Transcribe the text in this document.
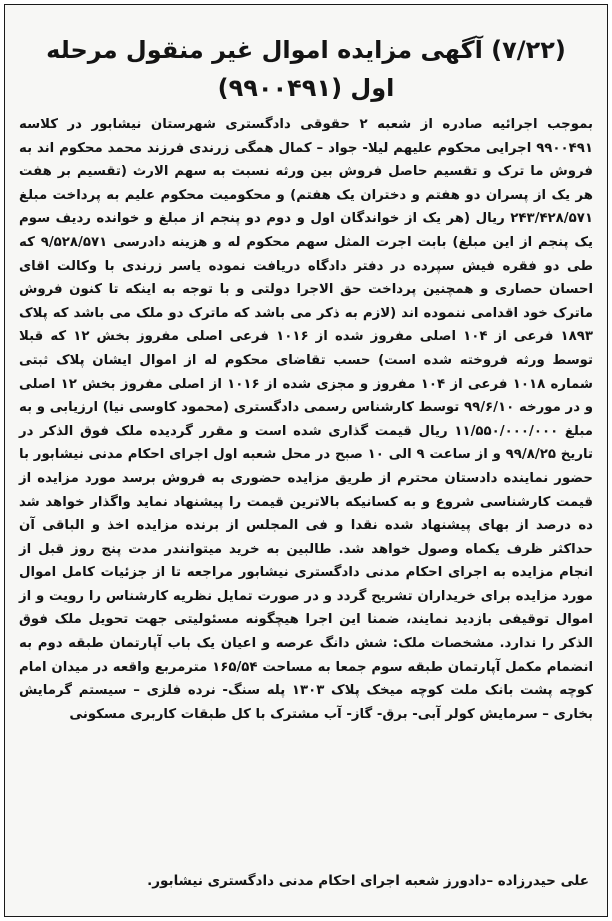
(۷/۲۲) آگهی مزایده اموال غیر منقول مرحله اول (۹۹۰۰۴۹۱)
بموجب اجرائیه صادره از شعبه ۲ حقوقی دادگستری شهرستان نیشابور در کلاسه ۹۹۰۰۴۹۱ اجرایی محکوم علیهم لیلا- جواد – کمال همگی زرندی فرزند محمد محکوم اند به فروش ما ترک و تقسیم حاصل فروش بین ورثه نسبت به سهم الارث (تقسیم بر هفت هر یک از پسران دو هفتم و دختران یک هفتم) و محکومیت محکوم علیم به پرداخت مبلغ ۲۴۳/۴۲۸/۵۷۱ ریال (هر یک از خواندگان اول و دوم دو پنجم از مبلغ و خوانده ردیف سوم یک پنجم از این مبلغ) بابت اجرت المثل سهم محکوم له و هزینه دادرسی ۹/۵۲۸/۵۷۱ که طی دو فقره فیش سپرده در دفتر دادگاه دریافت نموده یاسر زرندی با وکالت اقای احسان حصاری و همچنین پرداخت حق الاجرا دولتی و با توجه به اینکه تا کنون فروش ماترک خود اقدامی ننموده اند (لازم به ذکر می باشد که ماترک دو ملک می باشد که پلاک ۱۸۹۳ فرعی از ۱۰۴ اصلی مفروز شده از ۱۰۱۶ فرعی اصلی مفروز بخش ۱۲ که قبلا توسط ورثه فروخته شده است) حسب تقاضای محکوم له از اموال ایشان پلاک ثبتی شماره ۱۰۱۸ فرعی از ۱۰۴ مفروز و مجزی شده از ۱۰۱۶ از اصلی مفروز بخش ۱۲ اصلی و در مورخه ۹۹/۶/۱۰ توسط کارشناس رسمی دادگستری (محمود کاوسی نیا) ارزیابی و به مبلغ ۱۱/۵۵۰/۰۰۰/۰۰۰ ریال قیمت گذاری شده است و مقرر گردیده ملک فوق الذکر در تاریخ ۹۹/۸/۲۵ و از ساعت ۹ الی ۱۰ صبح در محل شعبه اول اجرای احکام مدنی نیشابور با حضور نماینده دادستان محترم از طریق مزایده حضوری به فروش برسد مورد مزایده از قیمت کارشناسی شروع و به کسانیکه بالاترین قیمت را پیشنهاد نماید واگذار خواهد شد ده درصد از بهای پیشنهاد شده نقدا و فی المجلس از برنده مزایده اخذ و الباقی آن حداکثر ظرف یکماه وصول خواهد شد. طالبین به خرید میتوانندر مدت پنج روز قبل از انجام مزایده به اجرای احکام مدنی دادگستری نیشابور مراجعه تا از جزئیات کامل اموال مورد مزایده برای خریداران تشریح گردد و در صورت تمایل نظریه کارشناس را رویت و از اموال توقیفی بازدید نمایند، ضمنا این اجرا هیچگونه مسئولیتی جهت تحویل ملک فوق الذکر را ندارد. مشخصات ملک: شش دانگ عرصه و اعیان یک باب آپارتمان طبقه دوم به انضمام مکمل آپارتمان طبقه سوم جمعا به مساحت ۱۶۵/۵۴ مترمربع واقعه در میدان امام کوچه پشت بانک ملت کوچه میخک پلاک ۱۳۰۳ پله سنگ- نرده فلزی – سیستم گرمایش بخاری – سرمایش کولر آبی- برق- گاز- آب مشترک با کل طبقات کاربری مسکونی
علی حیدرزاده –دادورز شعبه اجرای احکام مدنی دادگستری نیشابور.
